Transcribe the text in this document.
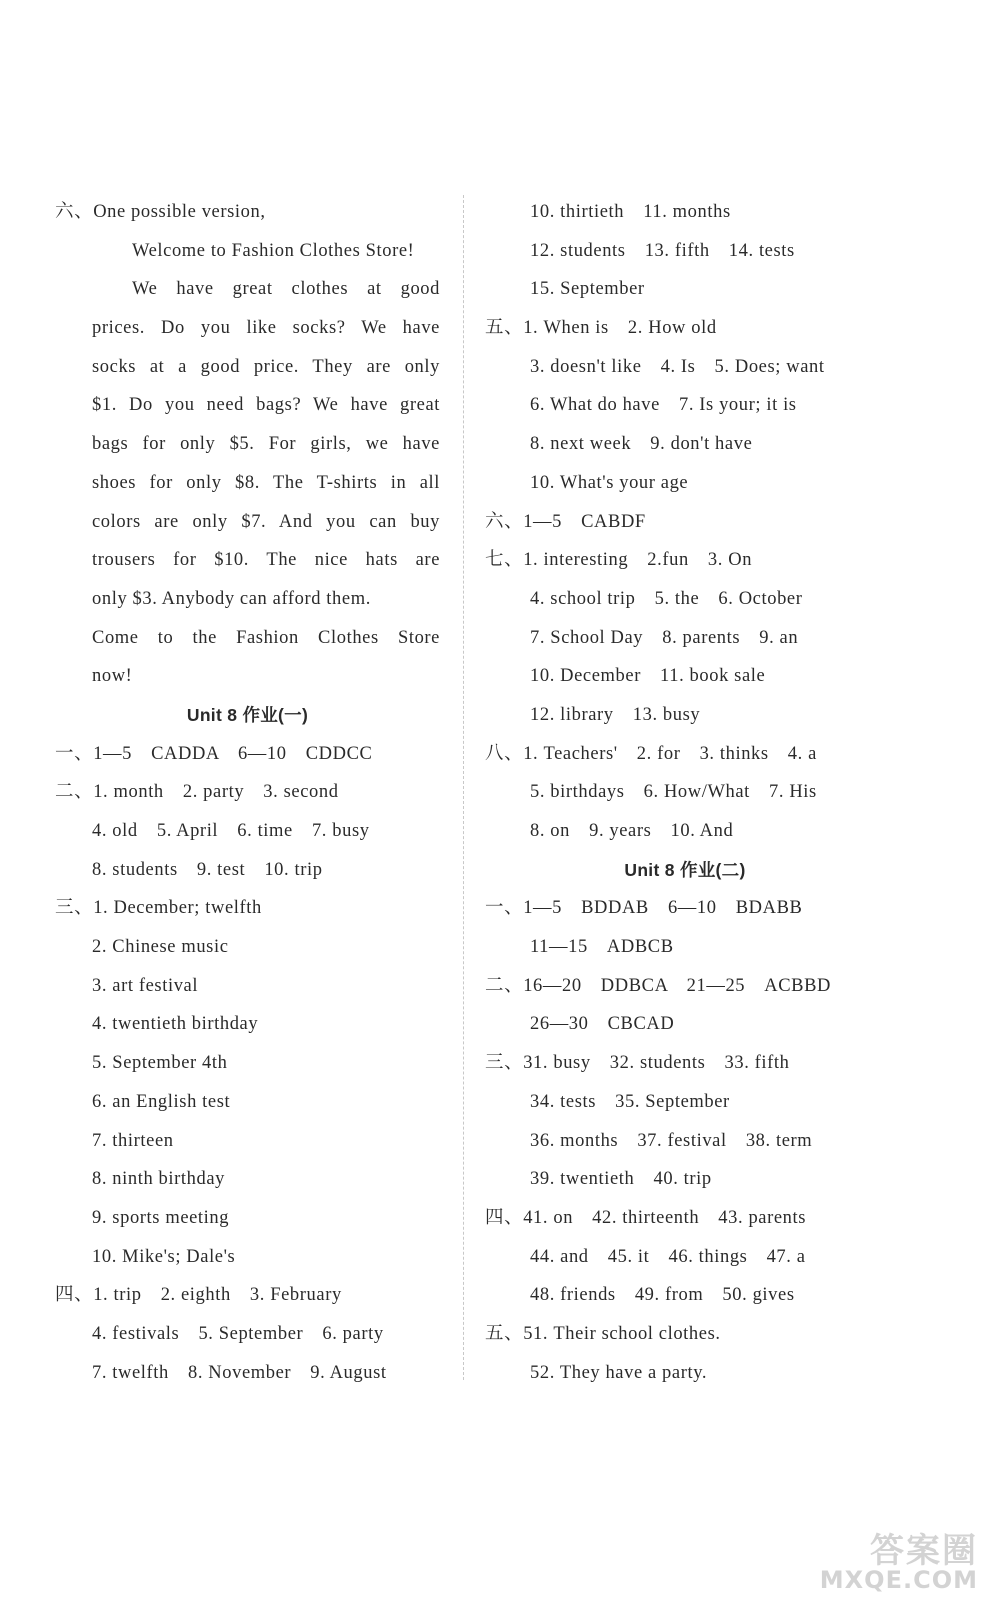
六、One possible version,
Welcome to Fashion Clothes Store!
We have great clothes at good
prices. Do you like socks? We have
socks at a good price. They are only
$1. Do you need bags? We have great
bags for only $5. For girls, we have
shoes for only $8. The T-shirts in all
colors are only $7. And you can buy
trousers for $10. The nice hats are
only $3. Anybody can afford them.
Come to the Fashion Clothes Store
now!
Unit 8 作业(一)
一、1—5　CADDA　6—10　CDDCC
二、1. month　2. party　3. second
4. old　5. April　6. time　7. busy
8. students　9. test　10. trip
三、1. December; twelfth
2. Chinese music
3. art festival
4. twentieth birthday
5. September 4th
6. an English test
7. thirteen
8. ninth birthday
9. sports meeting
10. Mike's; Dale's
四、1. trip　2. eighth　3. February
4. festivals　5. September　6. party
7. twelfth　8. November　9. August
10. thirtieth　11. months
12. students　13. fifth　14. tests
15. September
五、1. When is　2. How old
3. doesn't like　4. Is　5. Does; want
6. What do have　7. Is your; it is
8. next week　9. don't have
10. What's your age
六、1—5　CABDF
七、1. interesting　2.fun　3. On
4. school trip　5. the　6. October
7. School Day　8. parents　9. an
10. December　11. book sale
12. library　13. busy
八、1. Teachers'　2. for　3. thinks　4. a
5. birthdays　6. How/What　7. His
8. on　9. years　10. And
Unit 8 作业(二)
一、1—5　BDDAB　6—10　BDABB
11—15　ADBCB
二、16—20　DDBCA　21—25　ACBBD
26—30　CBCAD
三、31. busy　32. students　33. fifth
34. tests　35. September
36. months　37. festival　38. term
39. twentieth　40. trip
四、41. on　42. thirteenth　43. parents
44. and　45. it　46. things　47. a
48. friends　49. from　50. gives
五、51. Their school clothes.
52. They have a party.
答案圈
MXQE.COM
